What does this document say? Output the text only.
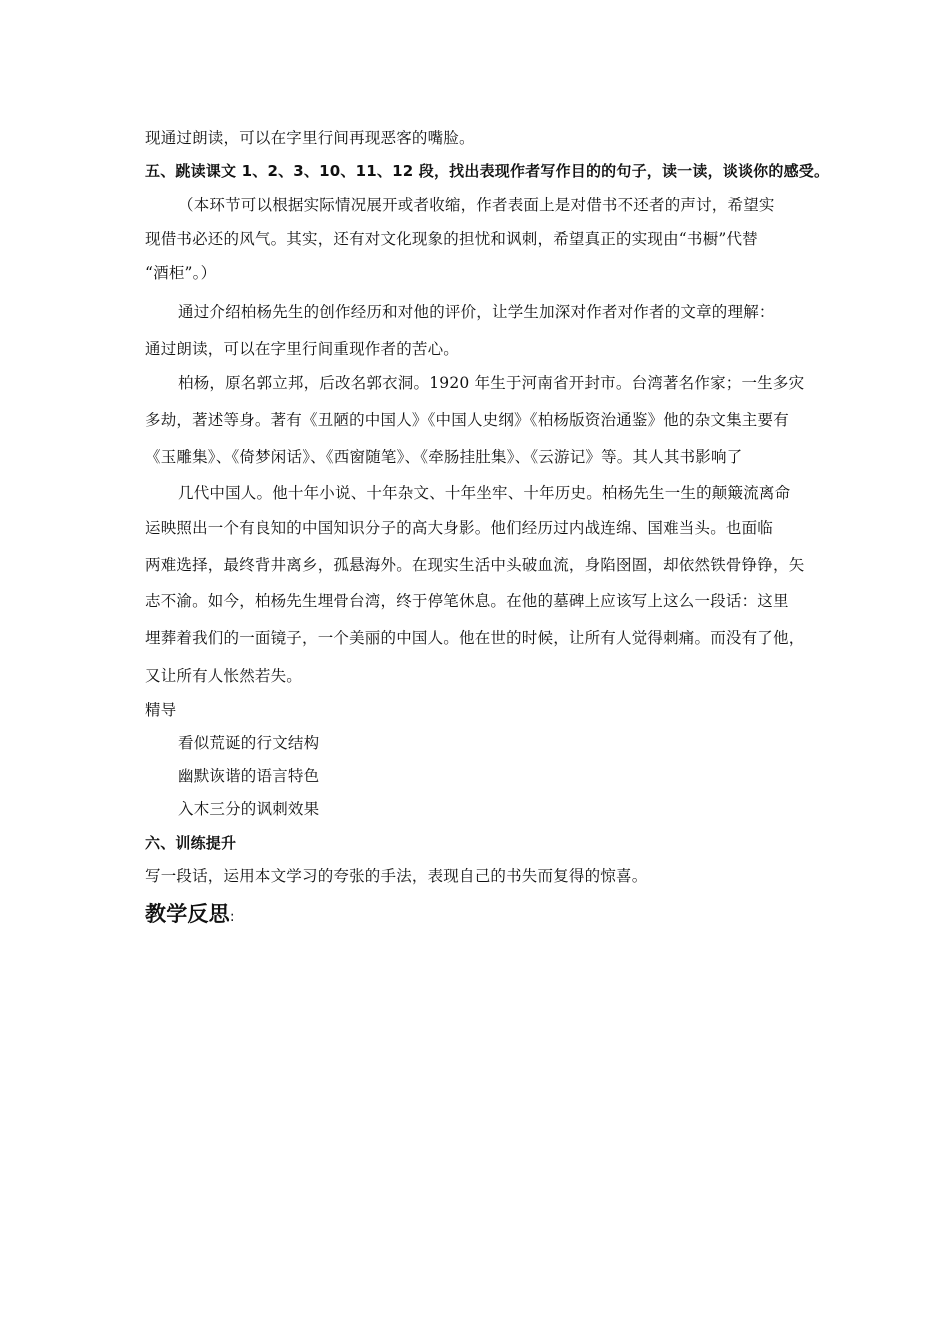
现通过朗读，可以在字里行间再现恶客的嘴脸。
五、跳读课文 1、2、3、10、11、12 段，找出表现作者写作目的的句子，读一读，谈谈你的感受。
（本环节可以根据实际情况展开或者收缩，作者表面上是对借书不还者的声讨，希望实
现借书必还的风气。其实，还有对文化现象的担忧和讽刺，希望真正的实现由“书橱”代替
“酒柜”。）
通过介绍柏杨先生的创作经历和对他的评价，让学生加深对作者对作者的文章的理解：
通过朗读，可以在字里行间重现作者的苦心。
柏杨，原名郭立邦，后改名郭衣洞。1920 年生于河南省开封市。台湾著名作家；一生多灾
多劫，著述等身。著有《丑陋的中国人》《中国人史纲》《柏杨版资治通鉴》他的杂文集主要有
《玉雕集》、《倚梦闲话》、《西窗随笔》、《牵肠挂肚集》、《云游记》等。其人其书影响了
几代中国人。他十年小说、十年杂文、十年坐牢、十年历史。柏杨先生一生的颠簸流离命
运映照出一个有良知的中国知识分子的高大身影。他们经历过内战连绵、国难当头。也面临
两难选择，最终背井离乡，孤悬海外。在现实生活中头破血流，身陷囹圄，却依然铁骨铮铮，矢
志不渝。如今，柏杨先生埋骨台湾，终于停笔休息。在他的墓碑上应该写上这么一段话：这里
埋葬着我们的一面镜子，一个美丽的中国人。他在世的时候，让所有人觉得刺痛。而没有了他，
又让所有人怅然若失。
精导
看似荒诞的行文结构
幽默诙谐的语言特色
入木三分的讽刺效果
六、训练提升
写一段话，运用本文学习的夸张的手法，表现自己的书失而复得的惊喜。
教学反思:
